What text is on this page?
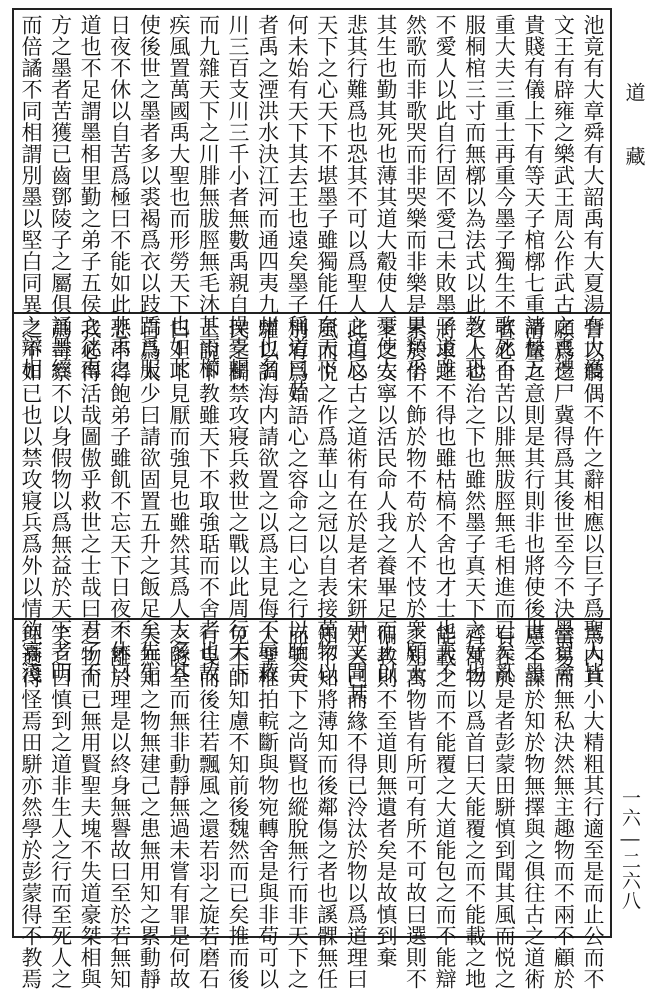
池竟有大章舜有大韶禹有大夏湯有大濩
文王有辟雍之樂武王周公作武古之喪禮
貴賤有儀上下有等天子棺槨七重諸侯五
重大夫三重士再重今墨子獨生不歌死不
服桐棺三寸而無槨以為法式以此教人恐
不愛人以此自行固不愛己未敗墨子道雖
然歌而非歌哭而非哭樂而非樂是果類乎
其生也勤其死也薄其道大觳使人憂使人
悲其行難爲也恐其不可以爲聖人之道反
天下之心天下不堪墨子雖獨能任奈天下
何未始有天下其去王也遠矣墨子稱道曰昔
者禹之湮洪水決江河而通四夷九州也名
川三百支川三千小者無數禹親自操橐耜
而九雜天下之川腓無胈脛無毛沐甚雨櫛
疾風置萬國禹大聖也而形勞天下也如此
使後世之墨者多以裘褐爲衣以跂蹻爲服
日夜不休以自苦爲極曰不能如此非禹之
道也不足謂墨相里勤之弟子五侯之徒南
方之墨者苦獲已齒鄧陵子之屬俱誦墨經
而倍譎不同相謂別墨以堅白同異之辯相
訾以觭偶不仵之辭相應以巨子爲聖人皆
願爲之尸冀得爲其後世至今不決墨翟禽
滑釐之意則是其行則非也將使後世之墨
者必自苦以腓無胈脛無毛相進而已矣亂
之上也治之下也雖然墨子真天下之好也
將求之不得也雖枯槁不舍也才士也夫不
累於俗不飾於物不苟於人不忮於衆願天
下之安寧以活民命人我之養畢足而止以
此白心古之道術有在於是者宋鈃尹文聞其
風而悦之作爲華山之冠以自表接萬物以
別宥爲始語心之容命之曰心之行以聏合
驩以調海内請欲置之以爲主見侮不辱救
民之鬭禁攻寢兵救世之戰以此周行天下
上說下教雖天下不取強聒而不舍者也故
曰上下見厭而強見也雖然其爲人太多其
自爲太少曰請欲固置五升之飯足矣先生
恐不得飽弟子雖飢不忘天下日夜不休曰
我必得活哉圖傲乎救世之士哉曰君子不
爲苛察不以身假物以爲無益於天下者明
之不如已也以禁攻寢兵爲外以情欲寡淺
爲内其小大精粗其行適至是而止公而不
當易而無私決然無主趣物而不兩不顧於
慮不謀於知於物無擇與之俱往古之道術
有在於是者彭蒙田駢慎到聞其風而悦之
齊萬物以爲首曰天能覆之而不能載之地
能載之而不能覆之大道能包之而不能辯
之知萬物皆有所可有所不可故曰選則不
徧教則不至道則無遺者矣是故慎到棄
知去己而緣不得已泠汰於物以爲道理曰
知不知將薄知而後鄰傷之者也謑髁無任
而笑天下之尚賢也縱脫無行而非天下之
大聖椎拍輐斷與物宛轉舍是與非苟可以
免不師知慮不知前後魏然而已矣推而後
行曳而後往若飄風之還若羽之旋若磨石
之隧全而無非動靜無過未嘗有罪是何故
夫無知之物無建己之患無用知之累動靜
不離於理是以終身無譽故曰至於若無知
之物而已無用賢聖夫塊不失道豪桀相與
笑之曰慎到之道非生人之行而至死人之
理適得怪焉田駢亦然學於彭蒙得不教焉
道 藏
一六―二六八
